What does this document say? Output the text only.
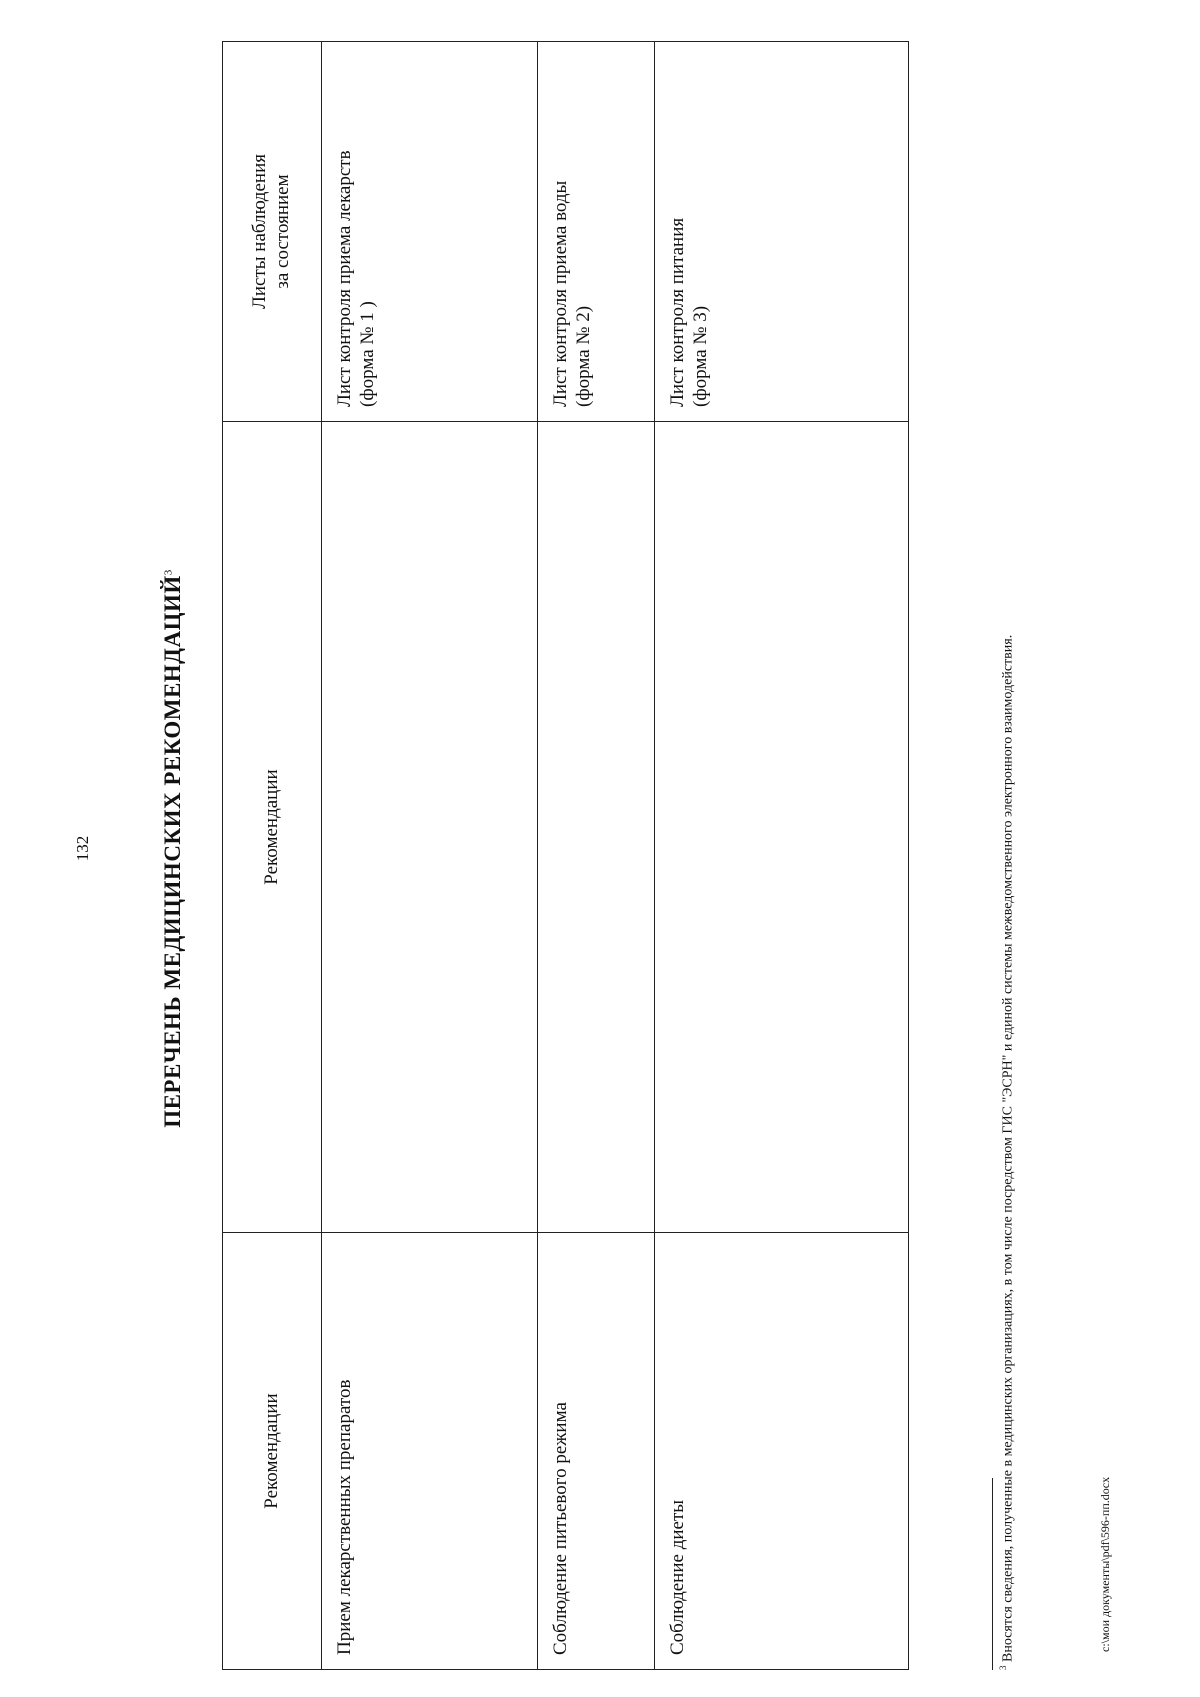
132	ПЕРЕЧЕНЬ МЕДИЦИНСКИХ РЕКОМЕНДАЦИЙ$^3$
Рекомендации	Рекомендации	Листы наблюдения за состоянием

Прием лекарственных препаратов		Лист контроля приема лекарств (форма № 1 )

Соблюдение питьевого режима		Лист контроля приема воды (форма № 2)

Соблюдение диеты		Лист контроля питания (форма № 3)
$^3$ Вносятся сведения, полученные в медицинских организациях, в том числе посредством ГИС "ЭСРН" и единой системы межведомственного электронного взаимодействия.	c:\мои документы\pdf\596-пп.docx
